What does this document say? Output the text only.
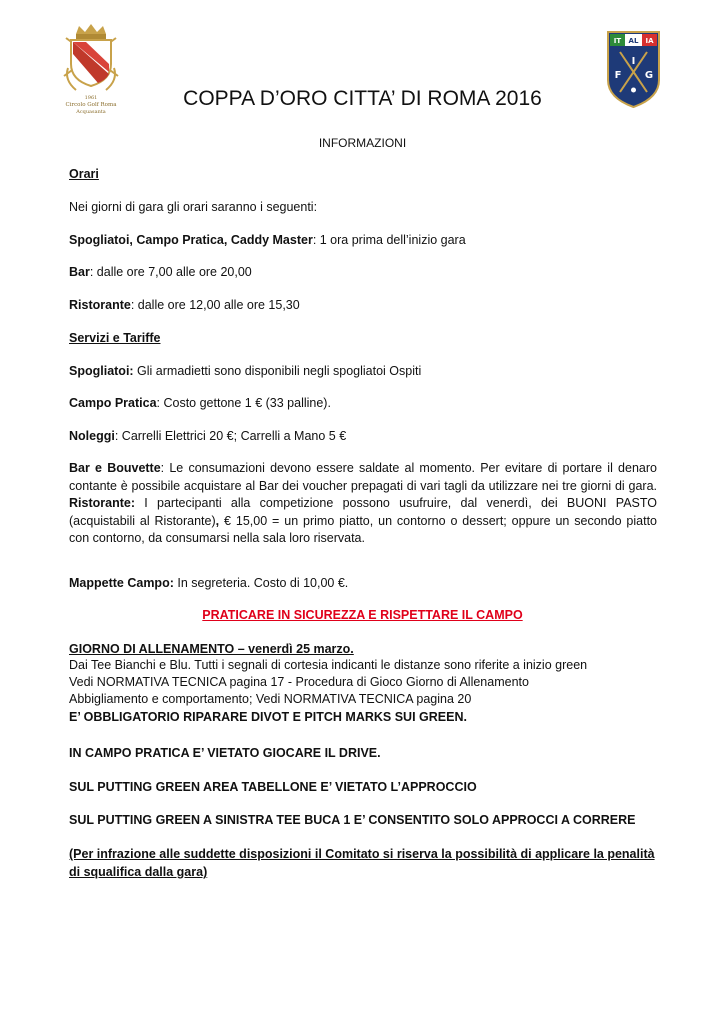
1961
Circolo Golf Roma
Acquasanta
IT AL IA
I
F G
COPPA D’ORO CITTA’ DI ROMA 2016
INFORMAZIONI
Orari
Nei giorni di gara gli orari saranno i seguenti:
Spogliatoi, Campo Pratica, Caddy Master: 1 ora prima dell’inizio gara
Bar: dalle ore 7,00 alle ore 20,00
Ristorante: dalle ore 12,00 alle ore 15,30
Servizi e Tariffe
Spogliatoi: Gli armadietti sono disponibili negli spogliatoi Ospiti
Campo Pratica: Costo gettone 1 € (33 palline).
Noleggi: Carrelli Elettrici 20 €; Carrelli a Mano 5 €
Bar e Bouvette: Le consumazioni devono essere saldate al momento. Per evitare di portare il denaro contante è possibile acquistare al Bar dei voucher prepagati di vari tagli da utilizzare nei tre giorni di gara. Ristorante: I partecipanti alla competizione possono usufruire, dal venerdì, dei BUONI PASTO (acquistabili al Ristorante), € 15,00 = un primo piatto, un contorno o dessert; oppure un secondo piatto con contorno, da consumarsi nella sala loro riservata.
Mappette Campo: In segreteria. Costo di 10,00 €.
PRATICARE IN SICUREZZA E RISPETTARE IL CAMPO
GIORNO DI ALLENAMENTO – venerdì 25 marzo.
Dai Tee Bianchi e Blu. Tutti i segnali di cortesia indicanti le distanze sono riferite a inizio green
Vedi NORMATIVA TECNICA pagina 17 - Procedura di Gioco Giorno di Allenamento
Abbigliamento e comportamento; Vedi NORMATIVA TECNICA pagina 20
E’ OBBLIGATORIO RIPARARE DIVOT E PITCH MARKS SUI GREEN.
IN CAMPO PRATICA E’ VIETATO GIOCARE IL DRIVE.
SUL PUTTING GREEN AREA TABELLONE E’ VIETATO L’APPROCCIO
SUL PUTTING GREEN A SINISTRA TEE BUCA 1 E’ CONSENTITO SOLO APPROCCI A CORRERE
(Per infrazione alle suddette disposizioni il Comitato si riserva la possibilità di applicare la penalità di squalifica dalla gara)
